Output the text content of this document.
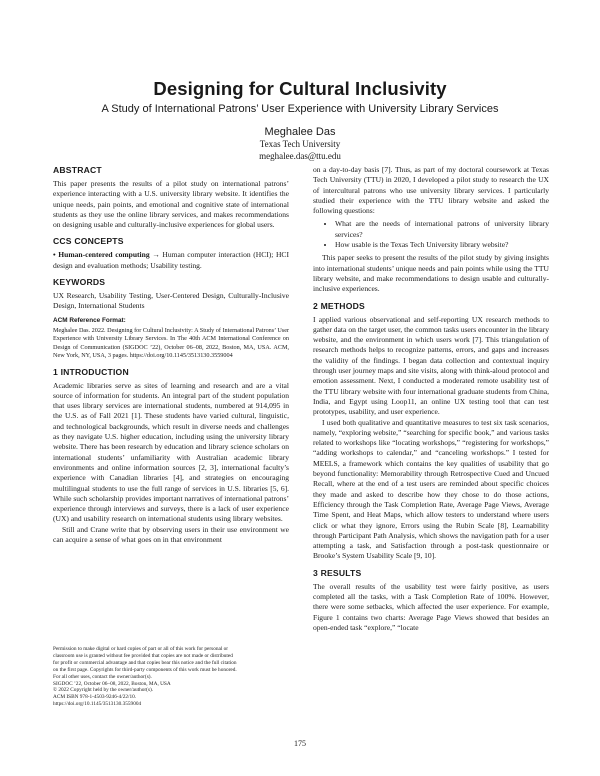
Designing for Cultural Inclusivity
A Study of International Patrons’ User Experience with University Library Services
Meghalee Das
Texas Tech University
meghalee.das@ttu.edu
ABSTRACT

This paper presents the results of a pilot study on international patrons’ experience interacting with a U.S. university library website. It identifies the unique needs, pain points, and emotional and cognitive state of international students as they use the online library services, and makes recommendations on designing usable and culturally-inclusive experiences for global users.

CCS CONCEPTS

• Human-centered computing → Human computer interaction (HCI); HCI design and evaluation methods; Usability testing.

KEYWORDS

UX Research, Usability Testing, User-Centered Design, Culturally-Inclusive Design, International Students

ACM Reference Format:

Meghalee Das. 2022. Designing for Cultural Inclusivity: A Study of International Patrons’ User Experience with University Library Services. In The 40th ACM International Conference on Design of Communication (SIGDOC ’22), October 06–08, 2022, Boston, MA, USA. ACM, New York, NY, USA, 3 pages. https://doi.org/10.1145/3513130.3559004

1 INTRODUCTION

Academic libraries serve as sites of learning and research and are a vital source of information for students. An integral part of the student population that uses library services are international students, numbered at 914,095 in the U.S. as of Fall 2021 [1]. These students have varied cultural, linguistic, and technological backgrounds, which result in diverse needs and challenges as they navigate U.S. higher education, including using the university library website. There has been research by education and library science scholars on international students’ unfamiliarity with Australian academic library environments and online information sources [2, 3], international faculty’s experience with Canadian libraries [4], and strategies on encouraging multilingual students to use the full range of services in U.S. libraries [5, 6]. While such scholarship provides important narratives of international patrons’ experience through interviews and surveys, there is a lack of user experience (UX) and usability research on international students using library websites.

Still and Crane write that by observing users in their use environment we can acquire a sense of what goes on in that environment

Permission to make digital or hard copies of part or all of this work for personal or
classroom use is granted without fee provided that copies are not made or distributed
for profit or commercial advantage and that copies bear this notice and the full citation
on the first page. Copyrights for third-party components of this work must be honored.
For all other uses, contact the owner/author(s).
SIGDOC ’22, October 06–08, 2022, Boston, MA, USA
© 2022 Copyright held by the owner/author(s).
ACM ISBN 978-1-4503-9246-4/22/10.
https://doi.org/10.1145/3513130.3559004

on a day-to-day basis [7]. Thus, as part of my doctoral coursework at Texas Tech University (TTU) in 2020, I developed a pilot study to research the UX of intercultural patrons who use university library services. I particularly studied their experience with the TTU library website and asked the following questions:

• What are the needs of international patrons of university library services?
• How usable is the Texas Tech University library website?

This paper seeks to present the results of the pilot study by giving insights into international students’ unique needs and pain points while using the TTU library website, and make recommendations to design usable and culturally-inclusive experiences.

2 METHODS

I applied various observational and self-reporting UX research methods to gather data on the target user, the common tasks users encounter in the library website, and the environment in which users work [7]. This triangulation of research methods helps to recognize patterns, errors, and gaps and increases the validity of the findings. I began data collection and contextual inquiry through user journey maps and site visits, along with think-aloud protocol and emotion assessment. Next, I conducted a moderated remote usability test of the TTU library website with four international graduate students from China, India, and Egypt using Loop11, an online UX testing tool that can test prototypes, usability, and user experience.

I used both qualitative and quantitative measures to test six task scenarios, namely, “exploring website,” “searching for specific book,” and various tasks related to workshops like “locating workshops,” “registering for workshops,” “adding workshops to calendar,” and “canceling workshops.” I tested for MEELS, a framework which contains the key qualities of usability that go beyond functionality: Memorability through Retrospective Cued and Uncued Recall, where at the end of a test users are reminded about specific choices they made and asked to describe how they chose to do those actions, Efficiency through the Task Completion Rate, Average Page Views, Average Time Spent, and Heat Maps, which allow testers to understand where users click or what they ignore, Errors using the Rubin Scale [8], Learnability through Participant Path Analysis, which shows the navigation path for a user attempting a task, and Satisfaction through a post-task questionnaire or Brooke’s System Usability Scale [9, 10].

3 RESULTS

The overall results of the usability test were fairly positive, as users completed all the tasks, with a Task Completion Rate of 100%. However, there were some setbacks, which affected the user experience. For example, Figure 1 contains two charts: Average Page Views showed that besides an open-ended task “explore,” “locate

175
